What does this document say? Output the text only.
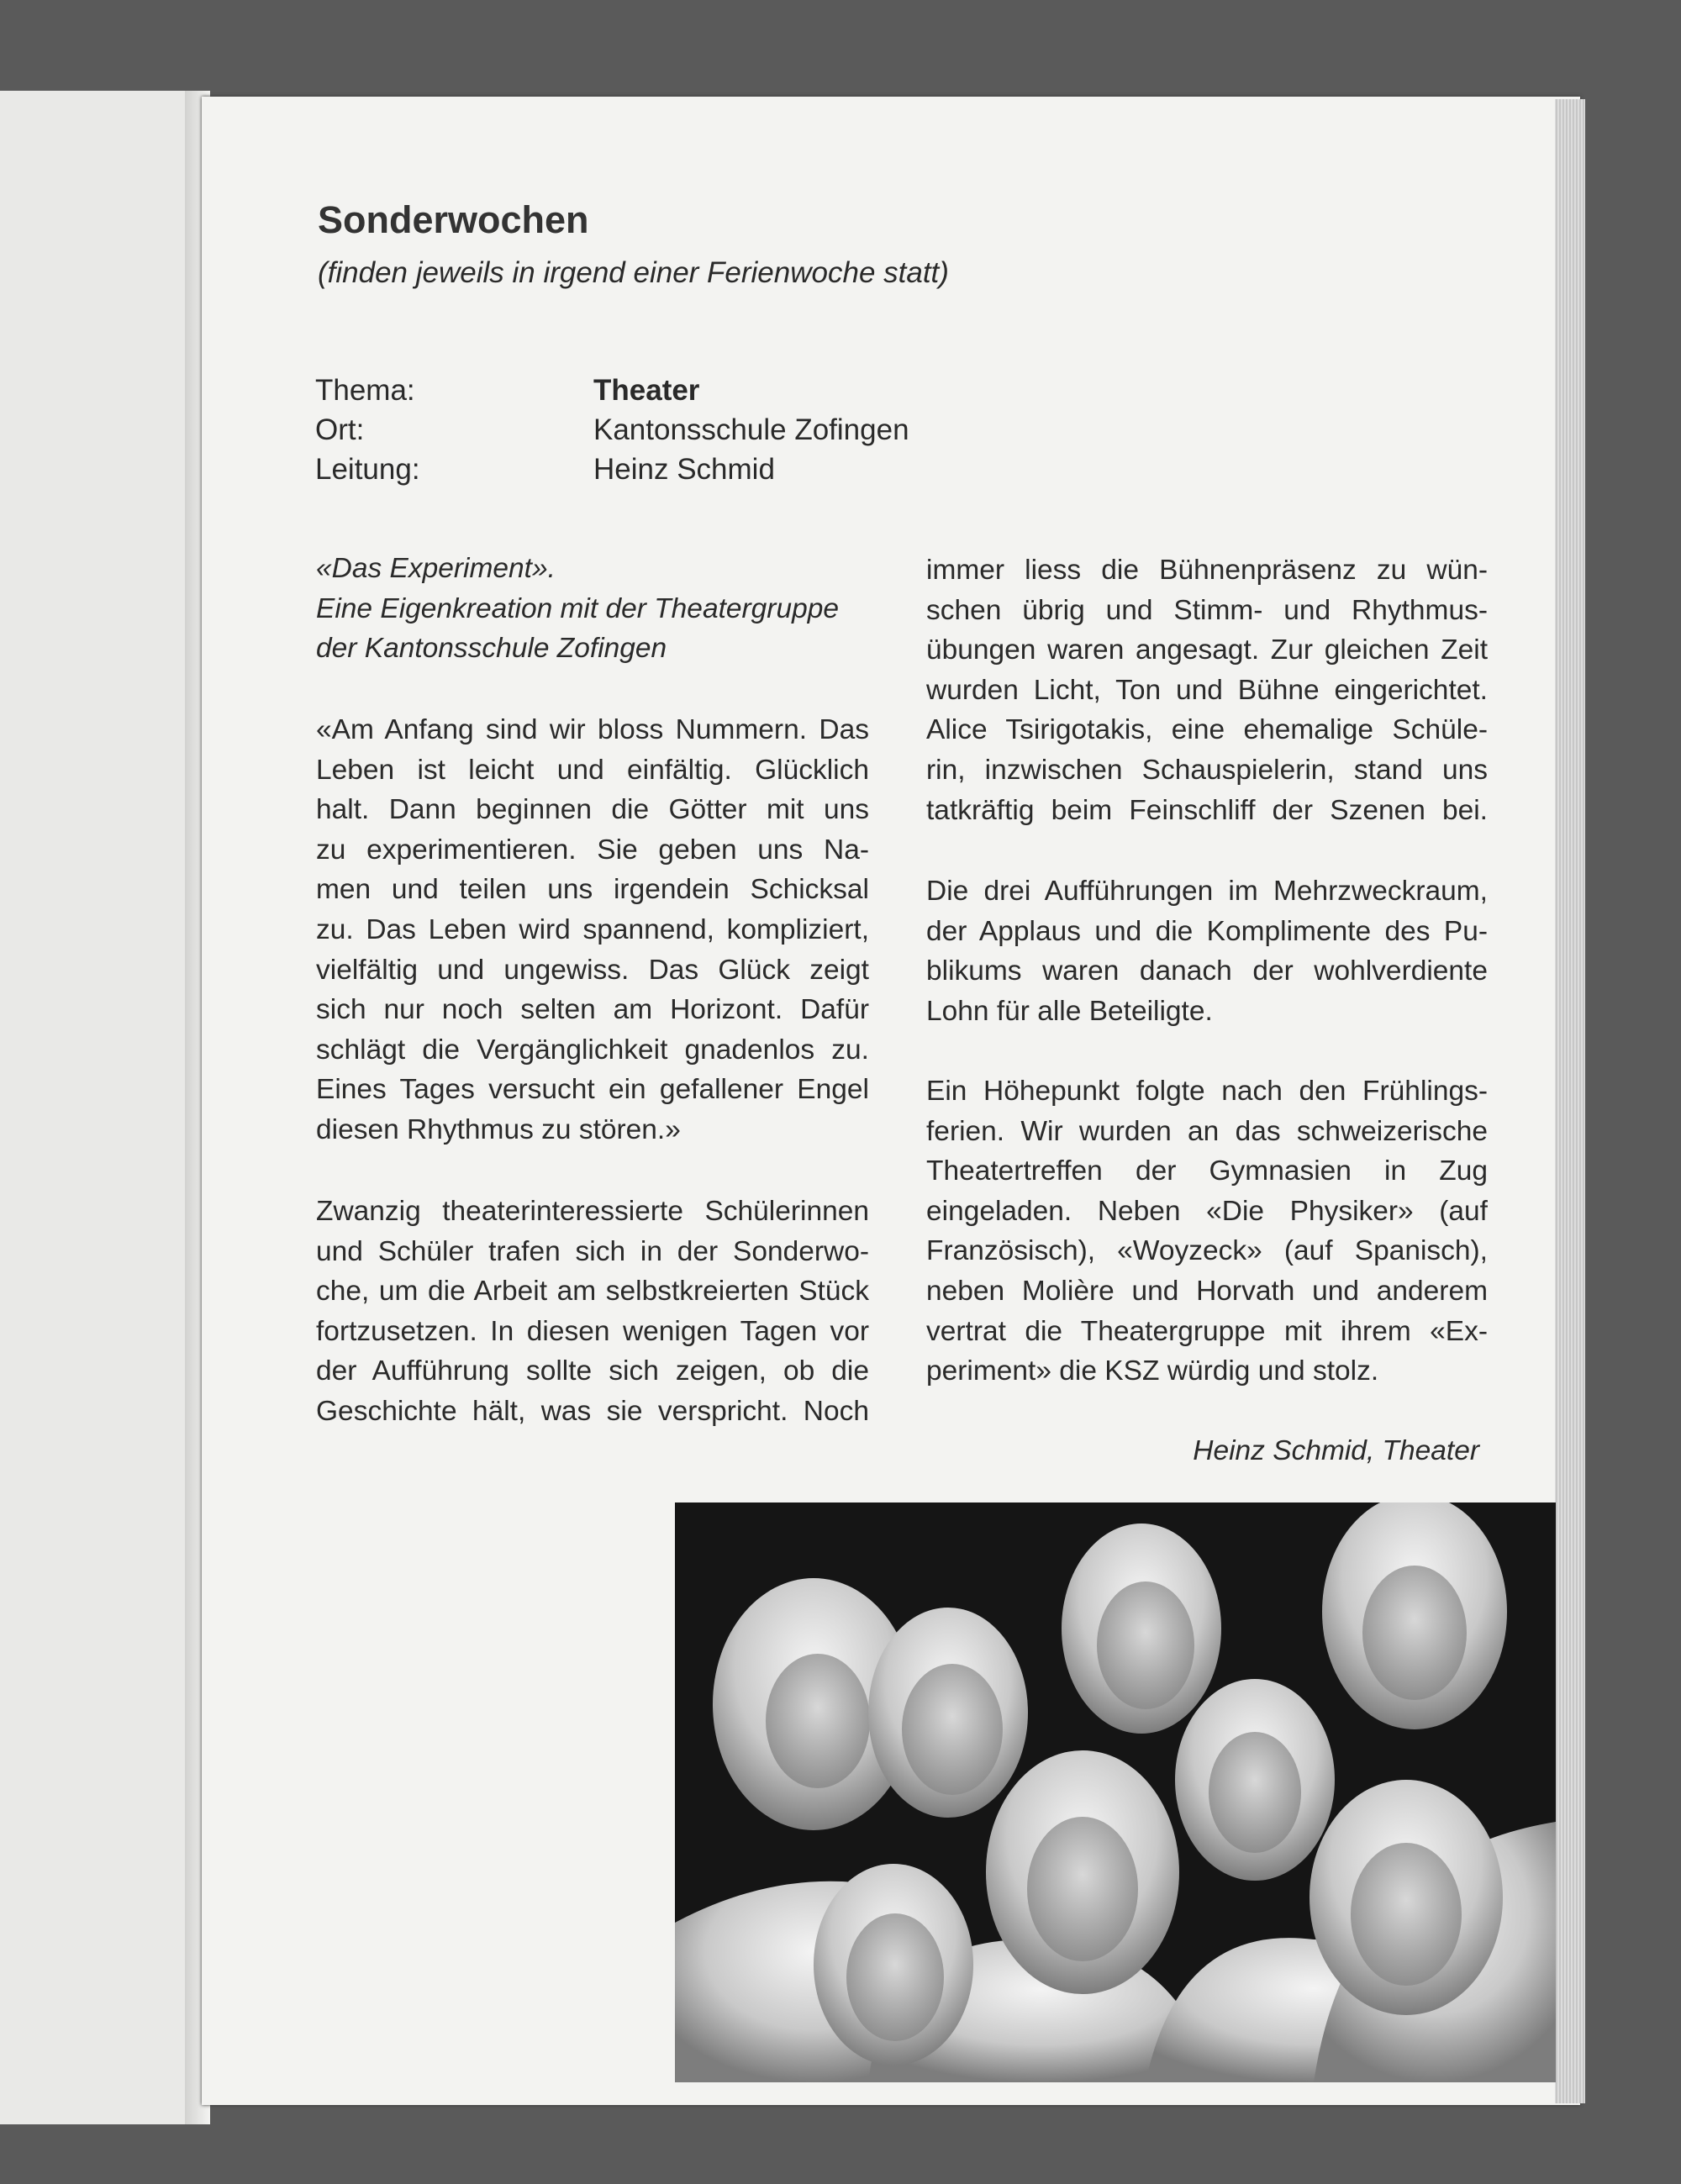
Sonderwochen
(finden jeweils in irgend einer Ferienwoche statt)
Thema:	Theater
Ort:	Kantonsschule Zofingen
Leitung:	Heinz Schmid
«Das Experiment».
Eine Eigenkreation mit der Theatergruppe
der Kantonsschule Zofingen
«Am Anfang sind wir bloss Nummern. Das
Leben ist leicht und einfältig. Glücklich
halt. Dann beginnen die Götter mit uns
zu experimentieren. Sie geben uns Na-
men und teilen uns irgendein Schicksal
zu. Das Leben wird spannend, kompliziert,
vielfältig und ungewiss. Das Glück zeigt
sich nur noch selten am Horizont. Dafür
schlägt die Vergänglichkeit gnadenlos zu.
Eines Tages versucht ein gefallener Engel
diesen Rhythmus zu stören.»
Zwanzig theaterinteressierte Schülerinnen
und Schüler trafen sich in der Sonderwo-
che, um die Arbeit am selbstkreierten Stück
fortzusetzen. In diesen wenigen Tagen vor
der Aufführung sollte sich zeigen, ob die
Geschichte hält, was sie verspricht. Noch
immer liess die Bühnenpräsenz zu wün-
schen übrig und Stimm- und Rhythmus-
übungen waren angesagt. Zur gleichen Zeit
wurden Licht, Ton und Bühne eingerichtet.
Alice Tsirigotakis, eine ehemalige Schüle-
rin, inzwischen Schauspielerin, stand uns
tatkräftig beim Feinschliff der Szenen bei.
Die drei Aufführungen im Mehrzweckraum,
der Applaus und die Komplimente des Pu-
blikums waren danach der wohlverdiente
Lohn für alle Beteiligte.
Ein Höhepunkt folgte nach den Frühlings-
ferien. Wir wurden an das schweizerische
Theatertreffen der Gymnasien in Zug
eingeladen. Neben «Die Physiker» (auf
Französisch), «Woyzeck» (auf Spanisch),
neben Molière und Horvath und anderem
vertrat die Theatergruppe mit ihrem «Ex-
periment» die KSZ würdig und stolz.
Heinz Schmid, Theater
